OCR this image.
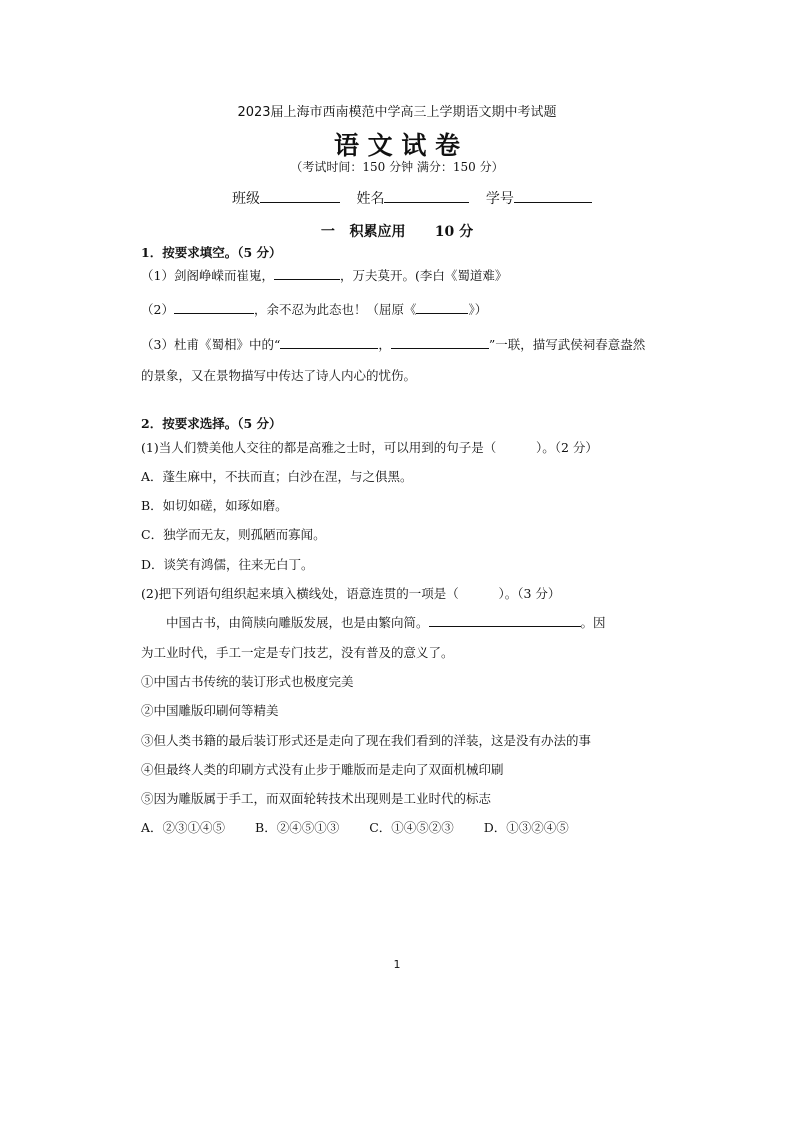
2023届上海市西南模范中学高三上学期语文期中考试题
语 文 试 卷
（考试时间：150 分钟 满分：150 分）
班级	姓名	学号
一   积累应用      10 分
1．按要求填空。（5 分）
（1）剑阁峥嵘而崔嵬，	，万夫莫开。(李白《蜀道难》
（2）	，余不忍为此态也！（屈原《	》）
（3）杜甫《蜀相》中的“	，	”一联，描写武侯祠春意盎然
的景象，又在景物描写中传达了诗人内心的忧伤。
2．按要求选择。（5 分）
(1)当人们赞美他人交往的都是高雅之士时，可以用到的句子是（          ）。（2 分）
A．蓬生麻中，不扶而直；白沙在涅，与之俱黑。
B．如切如磋，如琢如磨。
C．独学而无友，则孤陋而寡闻。
D．谈笑有鸿儒，往来无白丁。
(2)把下列语句组织起来填入横线处，语意连贯的一项是（          ）。（3 分）
中国古书，由简牍向雕版发展，也是由繁向简。	。因
为工业时代，手工一定是专门技艺，没有普及的意义了。
①中国古书传统的装订形式也极度完美
②中国雕版印刷何等精美
③但人类书籍的最后装订形式还是走向了现在我们看到的洋装，这是没有办法的事
④但最终人类的印刷方式没有止步于雕版而是走向了双面机械印刷
⑤因为雕版属于手工，而双面轮转技术出现则是工业时代的标志
A．②③①④⑤ B．②④⑤①③ C．①④⑤②③ D．①③②④⑤
1
